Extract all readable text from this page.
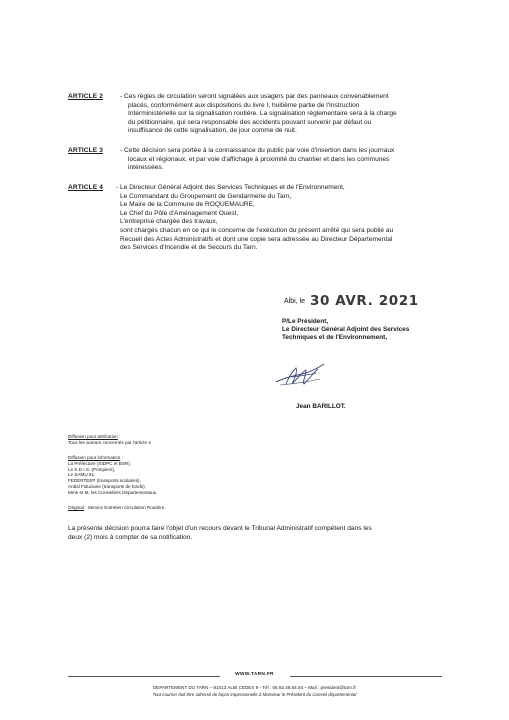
ARTICLE 2	- Ces règles de circulation seront signalées aux usagers par des panneaux convenablement
placés, conformément aux dispositions du livre I, huitième partie de l'Instruction
Interministérielle sur la signalisation routière. La signalisation réglementaire sera à la charge
du pétitionnaire, qui sera responsable des accidents pouvant survenir par défaut ou
insuffisance de cette signalisation, de jour comme de nuit.
ARTICLE 3	- Cette décision sera portée à la connaissance du public par voie d'insertion dans les journaux
locaux et régionaux, et par voie d'affichage à proximité du chantier et dans les communes
intéressées.
ARTICLE 4 - Le Directeur Général Adjoint des Services Techniques et de l'Environnement,
Le Commandant du Groupement de Gendarmerie du Tarn,
Le Maire de la Commune de ROQUEMAURE,
Le Chef du Pôle d'Aménagement Ouest,
L'entreprise chargée des travaux,
sont chargés chacun en ce qui le concerne de l'exécution du présent arrêté qui sera publié au
Recueil des Actes Administratifs et dont une copie sera adressée au Directeur Départemental
des Services d'Incendie et de Secours du Tarn.
Albi, le 30 AVR. 2021
P/Le Président,
Le Directeur Général Adjoint des Services
Techniques et de l'Environnement,
Jean BARILLOT.
Diffusion pour attribution :
Tous les acteurs concernés par l'article 4
Diffusion pour information :
La Préfecture (SIDPC et BSR),
Le S.D.I.S. (Pompiers),
Le SAMU 81,
FEDERTEEP (transports scolaires),
Ardial Fiduciaire (transports de fonds),
Mme et M. les Conseillers Départementaux.
Original : Service Entretien Circulation Routière.
La présente décision pourra faire l'objet d'un recours devant le Tribunal Administratif compétent dans les
deux (2) mois à compter de sa notification.
WWW.TARN.FR
DEPARTEMENT DU TARN – 81013 ALBI CEDEX 9 - Tél : 05.63.45.64.64 – Mail : president@tarn.fr
Tout courrier doit être adressé de façon impersonnelle à Monsieur le Président du Conseil départemental
